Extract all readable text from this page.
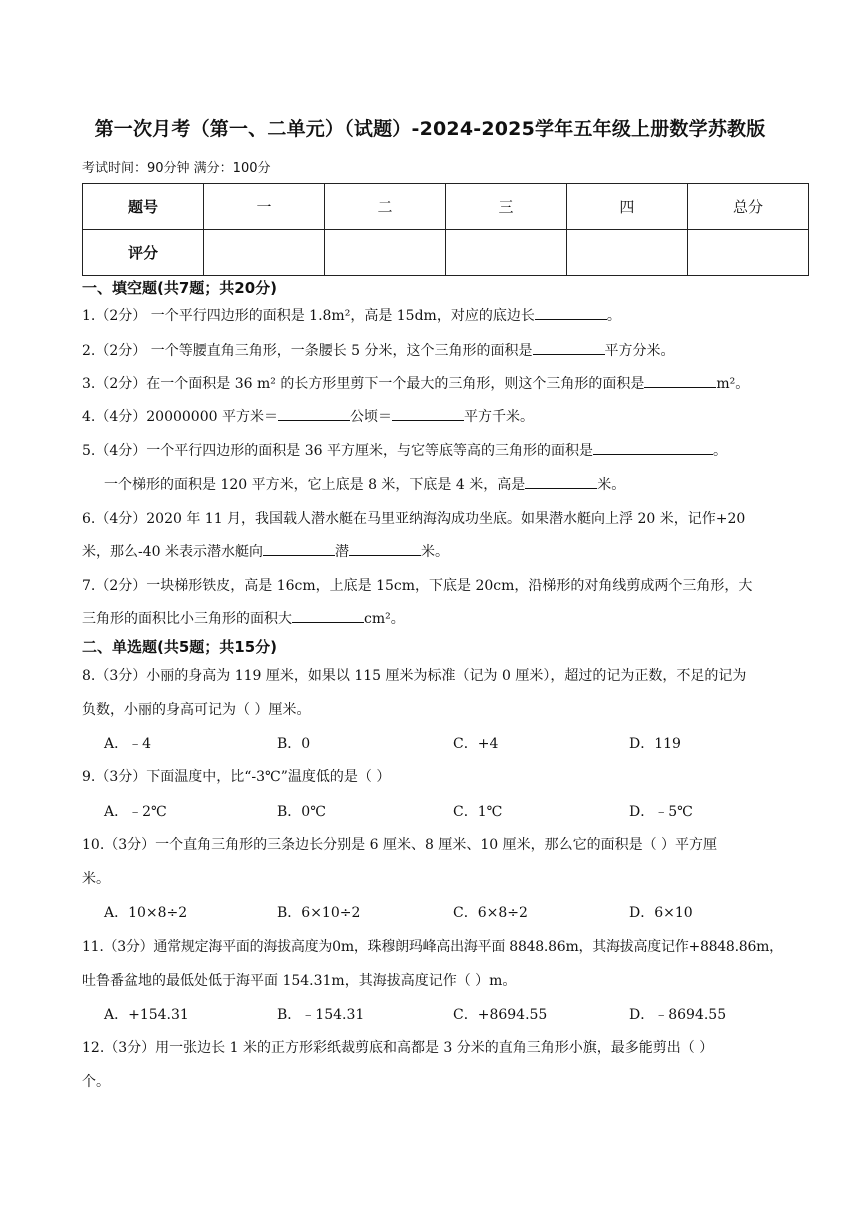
第一次月考（第一、二单元）（试题）-2024-2025学年五年级上册数学苏教版
考试时间：90分钟 满分：100分
题号	一	二	三	四	总分
评分					
一、填空题(共7题；共20分)
1.（2分） 一个平行四边形的面积是 1.8m²，高是 15dm，对应的底边长	。
2.（2分） 一个等腰直角三角形，一条腰长 5 分米，这个三角形的面积是	平方分米。
3.（2分）在一个面积是 36 m² 的长方形里剪下一个最大的三角形，则这个三角形的面积是	m²。
4.（4分）20000000 平方米＝	公顷＝	平方千米。
5.（4分）一个平行四边形的面积是 36 平方厘米，与它等底等高的三角形的面积是	。
一个梯形的面积是 120 平方米，它上底是 8 米，下底是 4 米，高是	米。
6.（4分）2020 年 11 月，我国载人潜水艇在马里亚纳海沟成功坐底。如果潜水艇向上浮 20 米，记作+20
米，那么-40 米表示潜水艇向	潜	米。
7.（2分）一块梯形铁皮，高是 16cm，上底是 15cm，下底是 20cm，沿梯形的对角线剪成两个三角形，大
三角形的面积比小三角形的面积大	cm²。
二、单选题(共5题；共15分)
8.（3分）小丽的身高为 119 厘米，如果以 115 厘米为标准（记为 0 厘米），超过的记为正数，不足的记为
负数，小丽的身高可记为（ ）厘米。
A．﹣4	B．0	C．+4	D．119
9.（3分）下面温度中，比“-3℃”温度低的是（ ）
A．﹣2℃	B．0℃	C．1℃	D．﹣5℃
10.（3分）一个直角三角形的三条边长分别是 6 厘米、8 厘米、10 厘米，那么它的面积是（ ）平方厘
米。
A．10×8÷2	B．6×10÷2	C．6×8÷2	D．6×10
11.（3分）通常规定海平面的海拔高度为0m，珠穆朗玛峰高出海平面 8848.86m，其海拔高度记作+8848.86m，
吐鲁番盆地的最低处低于海平面 154.31m，其海拔高度记作（ ）m。
A．+154.31	B．﹣154.31	C．+8694.55	D．﹣8694.55
12.（3分）用一张边长 1 米的正方形彩纸裁剪底和高都是 3 分米的直角三角形小旗，最多能剪出（ ）
个。
